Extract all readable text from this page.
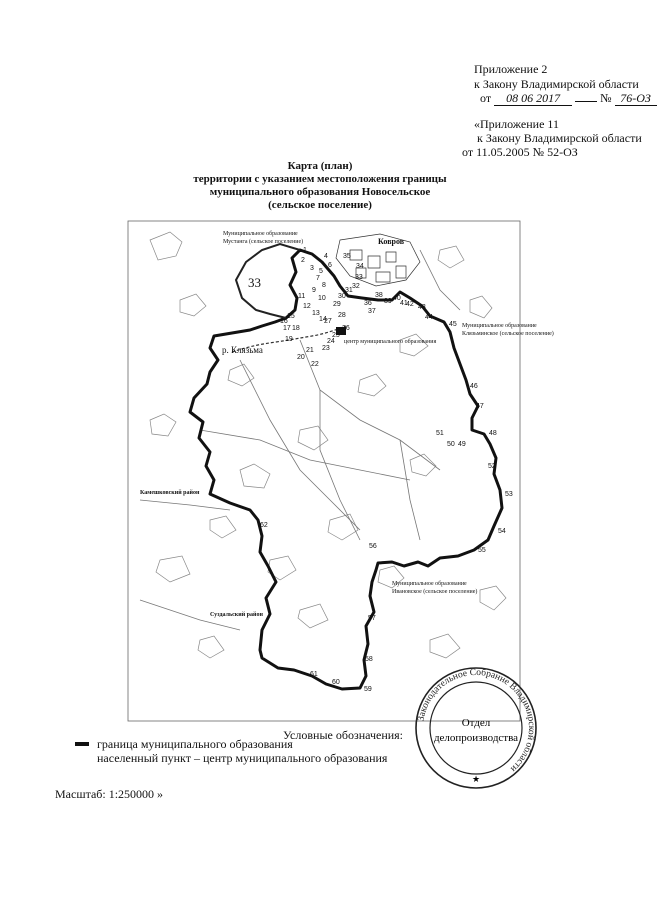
Приложение 2
к Закону Владимирской области
от 08 06 2017	№ 76-ОЗ
«Приложение 11
к Закону Владимирской области
от 11.05.2005 № 52-ОЗ
Карта (план)
территории с указанием местоположения границы
муниципального образования Новосельское
(сельское поселение)
Муниципальное образование
Мустанга (сельское поселение)	Ковров
33
р. Клязьма
центр муниципального образования
Муниципальное образование
Клязьминское (сельское поселение)
Камешковский район
Суздальский район
Муниципальное образование
Ивановское (сельское поселение)
1
2
3
4
5
6
7
8
9
10
11
12
13
14
15
16
17 18
19
20
21
22
23
24
25
26
27
28
29
30
31
32
33
34
35
36
37
38
39 40
41
42 43
44
45
46
47
48
49
50
51
52
53
54
55
56
57
58
59
60
61
62
Законодательное Собрание Владимирской области
Отдел
делопроизводства
★
Условные обозначения:
граница муниципального образования
населенный пункт – центр муниципального образования
Масштаб: 1:250000 »
